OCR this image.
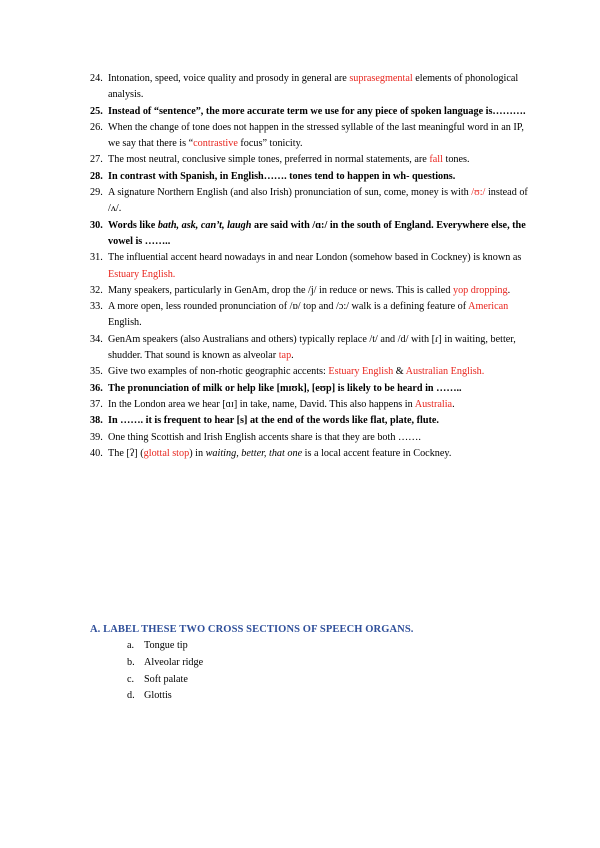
24. Intonation, speed, voice quality and prosody in general are suprasegmental elements of phonological analysis.
25. Instead of “sentence”, the more accurate term we use for any piece of spoken language is……….
26. When the change of tone does not happen in the stressed syllable of the last meaningful word in an IP, we say that there is “contrastive focus” tonicity.
27. The most neutral, conclusive simple tones, preferred in normal statements, are fall tones.
28. In contrast with Spanish, in English……. tones tend to happen in wh- questions.
29. A signature Northern English (and also Irish) pronunciation of sun, come, money is with /ʊ:/ instead of /ʌ/.
30. Words like bath, ask, can’t, laugh are said with /ɑ:/ in the south of England. Everywhere else, the vowel is ……..
31. The influential accent heard nowadays in and near London (somehow based in Cockney) is known as Estuary English.
32. Many speakers, particularly in GenAm, drop the /j/ in reduce or news. This is called yop dropping.
33. A more open, less rounded pronunciation of /ɒ/ top and /ɔ:/ walk is a defining feature of American English.
34. GenAm speakers (also Australians and others) typically replace /t/ and /d/ with [ɾ] in waiting, better, shudder. That sound is known as alveolar tap.
35. Give two examples of non-rhotic geographic accents: Estuary English & Australian English.
36. The pronunciation of milk or help like [mɪʊk], [eʊp] is likely to be heard in ……..
37. In the London area we hear [ɑɪ] in take, name, David. This also happens in Australia.
38. In ……. it is frequent to hear [s] at the end of the words like flat, plate, flute.
39. One thing Scottish and Irish English accents share is that they are both …….
40. The [ʔ] (glottal stop) in waiting, better, that one is a local accent feature in Cockney.
A. LABEL THESE TWO CROSS SECTIONS OF SPEECH ORGANS.
a. Tongue tip
b. Alveolar ridge
c. Soft palate
d. Glottis
